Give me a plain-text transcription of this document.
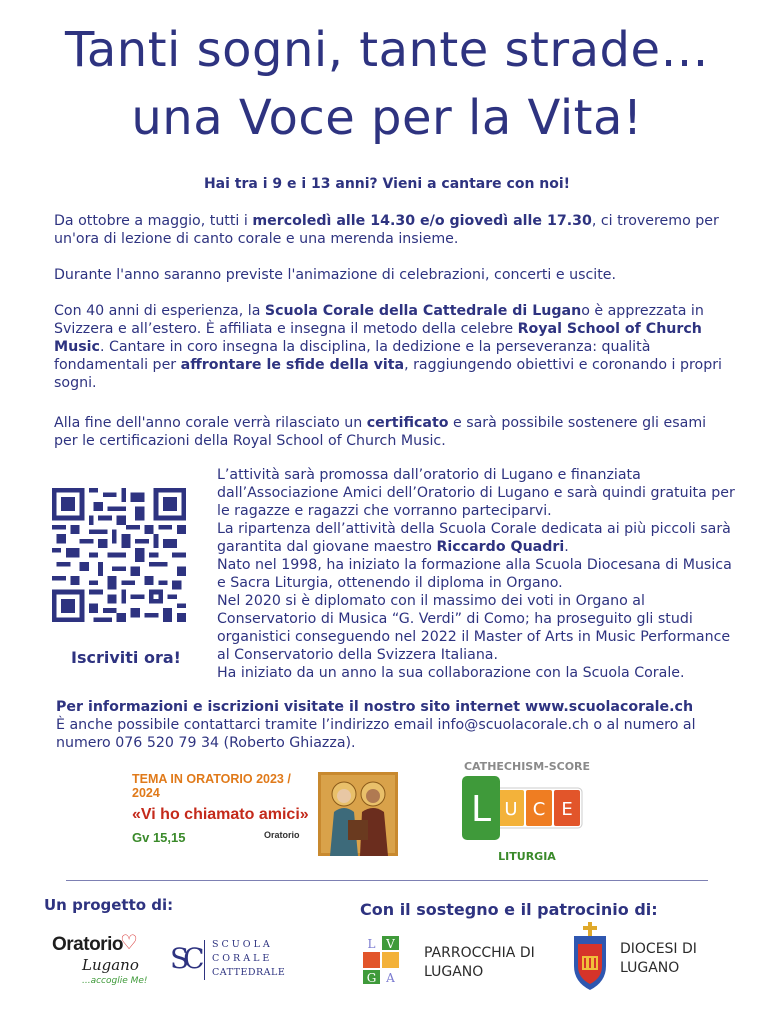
Tanti sogni, tante strade…
una Voce per la Vita!
Hai tra i 9 e i 13 anni? Vieni a cantare con noi!
Da ottobre a maggio, tutti i mercoledì alle 14.30 e/o giovedì alle 17.30, ci troveremo per un'ora di lezione di canto corale e una merenda insieme.
Durante l'anno saranno previste l'animazione di celebrazioni, concerti e uscite.
Con 40 anni di esperienza, la Scuola Corale della Cattedrale di Lugano è apprezzata in Svizzera e all’estero. È affiliata e insegna il metodo della celebre Royal School of Church Music. Cantare in coro insegna la disciplina, la dedizione e la perseveranza: qualità fondamentali per affrontare le sfide della vita, raggiungendo obiettivi e coronando i propri sogni.
Alla fine dell'anno corale verrà rilasciato un certificato e sarà possibile sostenere gli esami per le certificazioni della Royal School of Church Music.
Iscriviti ora!
L’attività sarà promossa dall’oratorio di Lugano e finanziata dall’Associazione Amici dell’Oratorio di Lugano e sarà quindi gratuita per le ragazze e ragazzi che vorranno parteciparvi.
La ripartenza dell’attività della Scuola Corale dedicata ai più piccoli sarà garantita dal giovane maestro Riccardo Quadri.
Nato nel 1998, ha iniziato la formazione alla Scuola Diocesana di Musica e Sacra Liturgia, ottenendo il diploma in Organo.
Nel 2020 si è diplomato con il massimo dei voti in Organo al Conservatorio di Musica “G. Verdi” di Como; ha proseguito gli studi organistici conseguendo nel 2022 il Master of Arts in Music Performance al Conservatorio della Svizzera Italiana.
Ha iniziato da un anno la sua collaborazione con la Scuola Corale.
Per informazioni e iscrizioni visitate il nostro sito internet www.scuolacorale.ch
È anche possibile contattarci tramite l’indirizzo email info@scuolacorale.ch o al numero al numero 076 520 79 34 (Roberto Ghiazza).
TEMA IN ORATORIO 2023 / 2024
«Vi ho chiamato amici»
Gv 15,15	Oratorio
CATHECHISM-SCORE
L U C E
LITURGIA
Un progetto di:	Con il sostegno e il patrocinio di:
Oratorio
♡
Lugano
...accoglie Me!
SC SCUOLA
CORALE
CATTEDRALE
L V
G A
PARROCCHIA DI
LUGANO
DIOCESI DI
LUGANO
